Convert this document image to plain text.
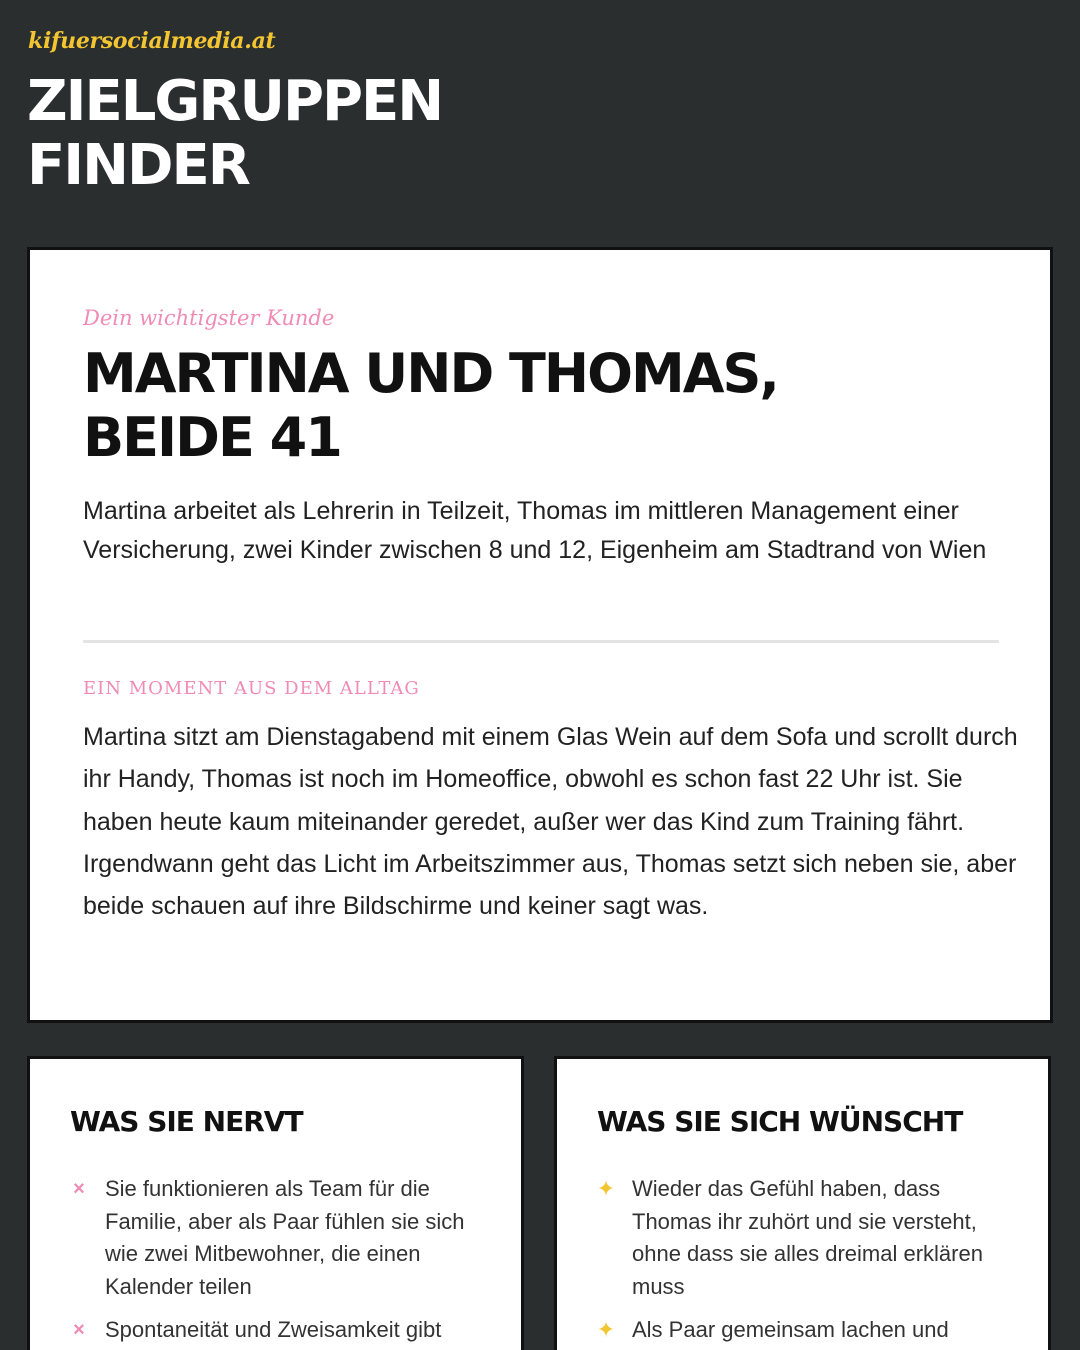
kifuersocialmedia.at
ZIELGRUPPEN
FINDER
Dein wichtigster Kunde
MARTINA UND THOMAS,
BEIDE 41

Martina arbeitet als Lehrerin in Teilzeit, Thomas im mittleren Management einer Versicherung, zwei Kinder zwischen 8 und 12, Eigenheim am Stadtrand von Wien

EIN MOMENT AUS DEM ALLTAG

Martina sitzt am Dienstagabend mit einem Glas Wein auf dem Sofa und scrollt durch ihr Handy, Thomas ist noch im Homeoffice, obwohl es schon fast 22 Uhr ist. Sie haben heute kaum miteinander geredet, außer wer das Kind zum Training fährt. Irgendwann geht das Licht im Arbeitszimmer aus, Thomas setzt sich neben sie, aber beide schauen auf ihre Bildschirme und keiner sagt was.

WAS SIE NERVT
× Sie funktionieren als Team für die Familie, aber als Paar fühlen sie sich wie zwei Mitbewohner, die einen Kalender teilen
× Spontaneität und Zweisamkeit gibt
WAS SIE SICH WÜNSCHT
✦ Wieder das Gefühl haben, dass Thomas ihr zuhört und sie versteht, ohne dass sie alles dreimal erklären muss
✦ Als Paar gemeinsam lachen und
